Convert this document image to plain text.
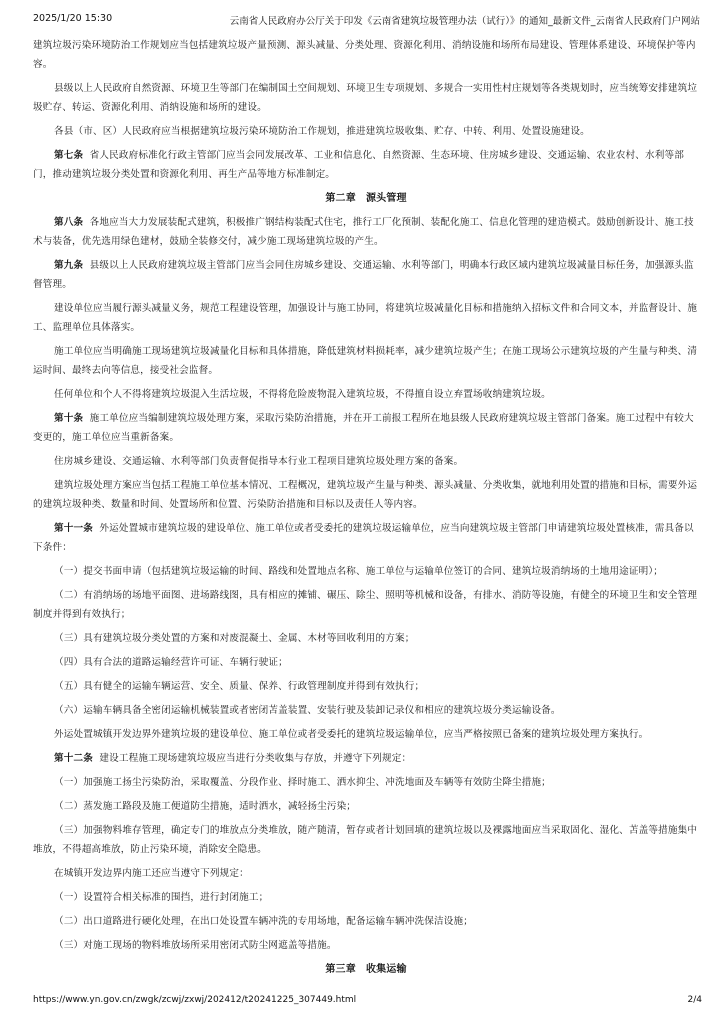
2025/1/20 15:30	云南省人民政府办公厅关于印发《云南省建筑垃圾管理办法（试行）》的通知_最新文件_云南省人民政府门户网站

建筑垃圾污染环境防治工作规划应当包括建筑垃圾产量预测、源头减量、分类处理、资源化利用、消纳设施和场所布局建设、管理体系建设、环境保护等内容。

县级以上人民政府自然资源、环境卫生等部门在编制国土空间规划、环境卫生专项规划、多规合一实用性村庄规划等各类规划时，应当统筹安排建筑垃圾贮存、转运、资源化利用、消纳设施和场所的建设。

各县（市、区）人民政府应当根据建筑垃圾污染环境防治工作规划，推进建筑垃圾收集、贮存、中转、利用、处置设施建设。

第七条 省人民政府标准化行政主管部门应当会同发展改革、工业和信息化、自然资源、生态环境、住房城乡建设、交通运输、农业农村、水利等部门，推动建筑垃圾分类处置和资源化利用、再生产品等地方标准制定。

第二章　源头管理

第八条 各地应当大力发展装配式建筑，积极推广钢结构装配式住宅，推行工厂化预制、装配化施工、信息化管理的建造模式。鼓励创新设计、施工技术与装备，优先选用绿色建材，鼓励全装修交付，减少施工现场建筑垃圾的产生。

第九条 县级以上人民政府建筑垃圾主管部门应当会同住房城乡建设、交通运输、水利等部门，明确本行政区域内建筑垃圾减量目标任务，加强源头监督管理。

建设单位应当履行源头减量义务，规范工程建设管理，加强设计与施工协同，将建筑垃圾减量化目标和措施纳入招标文件和合同文本，并监督设计、施工、监理单位具体落实。

施工单位应当明确施工现场建筑垃圾减量化目标和具体措施，降低建筑材料损耗率，减少建筑垃圾产生；在施工现场公示建筑垃圾的产生量与种类、清运时间、最终去向等信息，接受社会监督。

任何单位和个人不得将建筑垃圾混入生活垃圾，不得将危险废物混入建筑垃圾，不得擅自设立弃置场收纳建筑垃圾。

第十条 施工单位应当编制建筑垃圾处理方案，采取污染防治措施，并在开工前报工程所在地县级人民政府建筑垃圾主管部门备案。施工过程中有较大变更的，施工单位应当重新备案。

住房城乡建设、交通运输、水利等部门负责督促指导本行业工程项目建筑垃圾处理方案的备案。

建筑垃圾处理方案应当包括工程施工单位基本情况、工程概况，建筑垃圾产生量与种类、源头减量、分类收集，就地利用处置的措施和目标，需要外运的建筑垃圾种类、数量和时间、处置场所和位置、污染防治措施和目标以及责任人等内容。

第十一条 外运处置城市建筑垃圾的建设单位、施工单位或者受委托的建筑垃圾运输单位，应当向建筑垃圾主管部门申请建筑垃圾处置核准，需具备以下条件：

（一）提交书面申请（包括建筑垃圾运输的时间、路线和处置地点名称、施工单位与运输单位签订的合同、建筑垃圾消纳场的土地用途证明）；

（二）有消纳场的场地平面图、进场路线图，具有相应的摊铺、碾压、除尘、照明等机械和设备，有排水、消防等设施，有健全的环境卫生和安全管理制度并得到有效执行；

（三）具有建筑垃圾分类处置的方案和对废混凝土、金属、木材等回收利用的方案；

（四）具有合法的道路运输经营许可证、车辆行驶证；

（五）具有健全的运输车辆运营、安全、质量、保养、行政管理制度并得到有效执行；

（六）运输车辆具备全密闭运输机械装置或者密闭苫盖装置、安装行驶及装卸记录仪和相应的建筑垃圾分类运输设备。

外运处置城镇开发边界外建筑垃圾的建设单位、施工单位或者受委托的建筑垃圾运输单位，应当严格按照已备案的建筑垃圾处理方案执行。

第十二条 建设工程施工现场建筑垃圾应当进行分类收集与存放，并遵守下列规定：

（一）加强施工扬尘污染防治，采取覆盖、分段作业、择时施工、洒水抑尘、冲洗地面及车辆等有效防尘降尘措施；

（二）蒸发施工路段及施工便道防尘措施，适时洒水，减轻扬尘污染；

（三）加强物料堆存管理，确定专门的堆放点分类堆放，随产随清，暂存或者计划回填的建筑垃圾以及裸露地面应当采取固化、湿化、苫盖等措施集中堆放，不得超高堆放，防止污染环境，消除安全隐患。

在城镇开发边界内施工还应当遵守下列规定：

（一）设置符合相关标准的围挡，进行封闭施工；

（二）出口道路进行硬化处理，在出口处设置车辆冲洗的专用场地，配备运输车辆冲洗保洁设施；

（三）对施工现场的物料堆放场所采用密闭式防尘网遮盖等措施。

第三章　收集运输
https://www.yn.gov.cn/zwgk/zcwj/zxwj/202412/t20241225_307449.html	2/4
